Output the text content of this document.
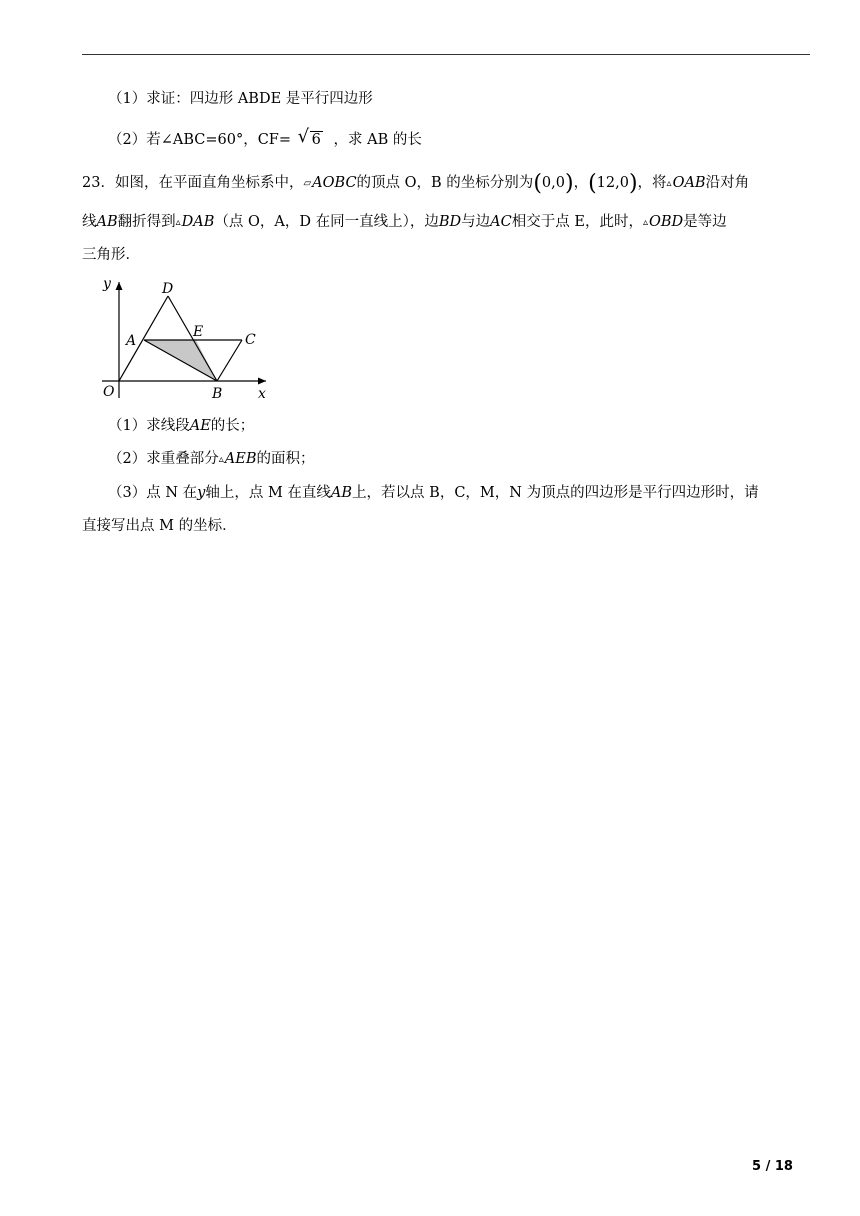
（1）求证：四边形 ABDE 是平行四边形
（2）若∠ABC=60°，CF= √ 6 ，求 AB 的长
23．如图，在平面直角坐标系中，▱AOBC的顶点 O，B 的坐标分别为(0,0)，(12,0)，将▵OAB沿对角
线AB翻折得到▵DAB（点 O，A，D 在同一直线上），边BD与边AC相交于点 E，此时，▵OBD是等边
三角形．
y
x
O
A
B
C
D
E
（1）求线段AE的长；
（2）求重叠部分▵AEB的面积；
（3）点 N 在y轴上，点 M 在直线AB上，若以点 B，C，M，N 为顶点的四边形是平行四边形时，请
直接写出点 M 的坐标．
5 / 18
